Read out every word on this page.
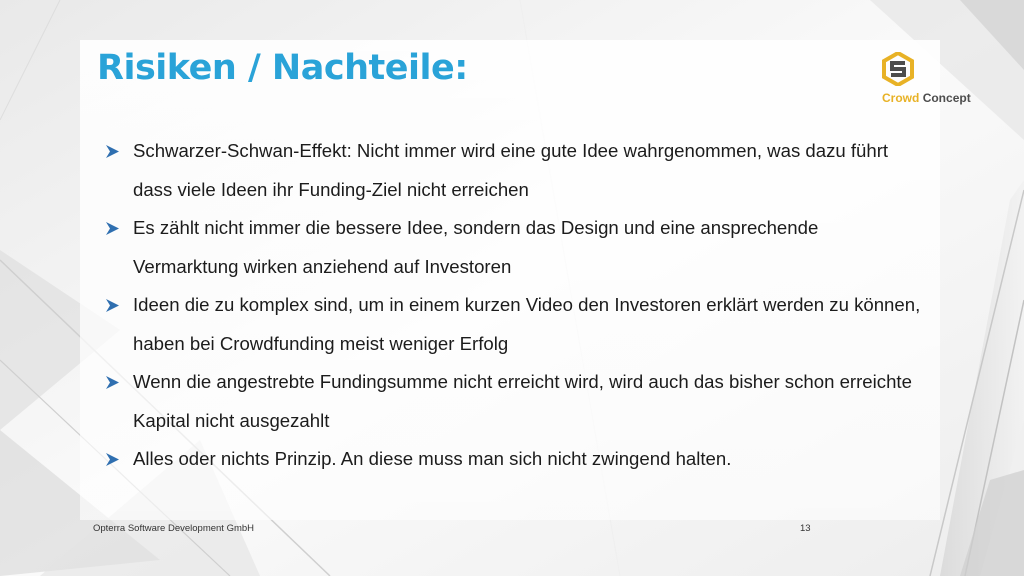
Risiken / Nachteile:
Crowd Concept
Schwarzer-Schwan-Effekt: Nicht immer wird eine gute Idee wahrgenommen, was dazu führt dass viele Ideen ihr Funding-Ziel nicht erreichen
Es zählt nicht immer die bessere Idee, sondern das Design und eine ansprechende Vermarktung wirken anziehend auf Investoren
Ideen die zu komplex sind, um in einem kurzen Video den Investoren erklärt werden zu können, haben bei Crowdfunding meist weniger Erfolg
Wenn die angestrebte Fundingsumme nicht erreicht wird, wird auch das bisher schon erreichte Kapital nicht ausgezahlt
Alles oder nichts Prinzip. An diese muss man sich nicht zwingend halten.
Opterra Software Development GmbH	13
